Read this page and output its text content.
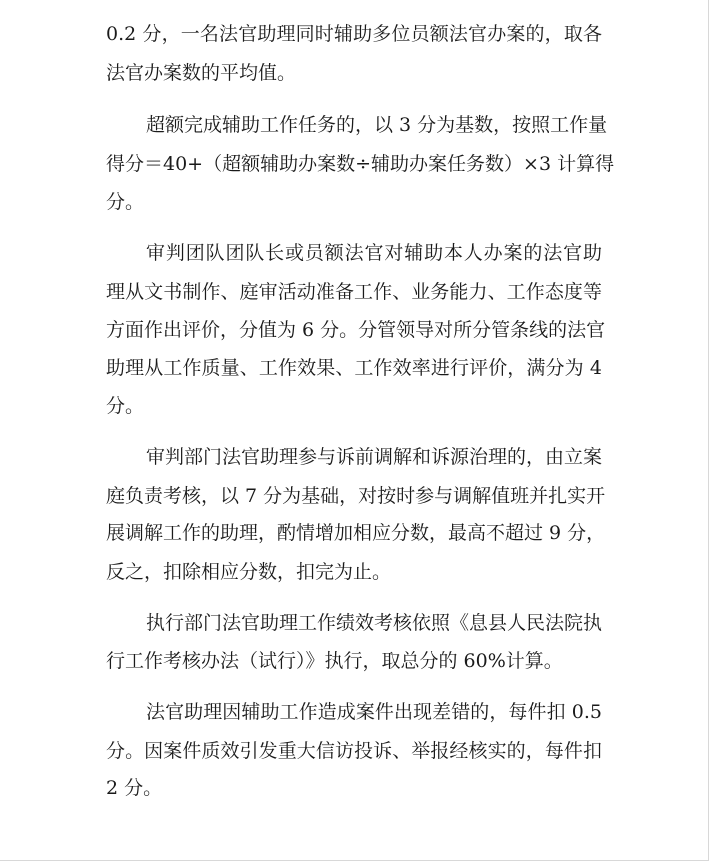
0.2 分，一名法官助理同时辅助多位员额法官办案的，取各
法官办案数的平均值。
超额完成辅助工作任务的，以 3 分为基数，按照工作量
得分＝40+（超额辅助办案数÷辅助办案任务数）×3 计算得
分。
审判团队团队长或员额法官对辅助本人办案的法官助
理从文书制作、庭审活动准备工作、业务能力、工作态度等
方面作出评价，分值为 6 分。分管领导对所分管条线的法官
助理从工作质量、工作效果、工作效率进行评价，满分为 4
分。
审判部门法官助理参与诉前调解和诉源治理的，由立案
庭负责考核，以 7 分为基础，对按时参与调解值班并扎实开
展调解工作的助理，酌情增加相应分数，最高不超过 9 分，
反之，扣除相应分数，扣完为止。
执行部门法官助理工作绩效考核依照《息县人民法院执
行工作考核办法（试行）》执行，取总分的 60%计算。
法官助理因辅助工作造成案件出现差错的，每件扣 0.5
分。因案件质效引发重大信访投诉、举报经核实的，每件扣
2 分。
